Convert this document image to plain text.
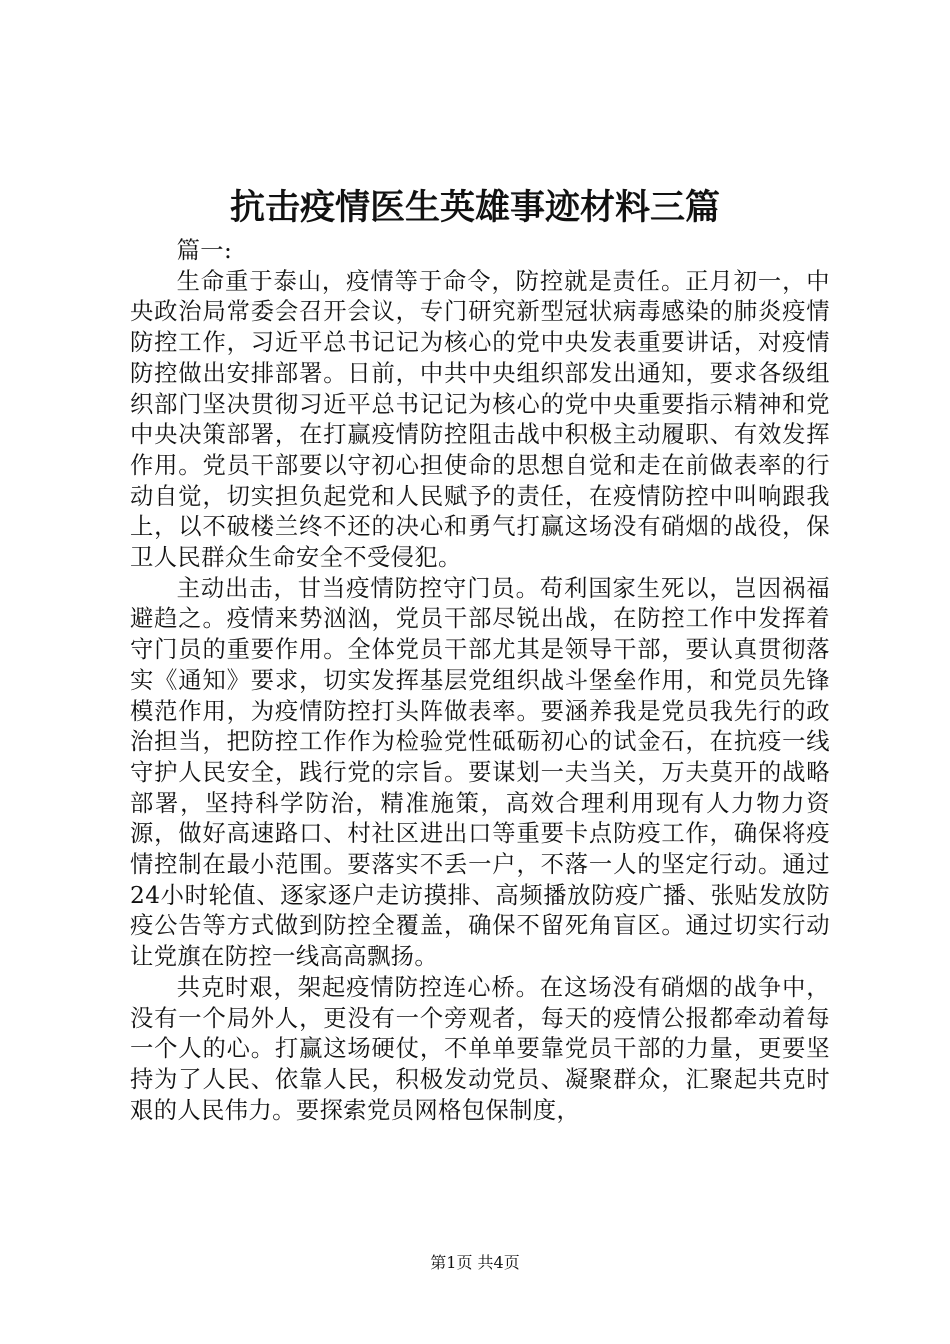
抗击疫情医生英雄事迹材料三篇

篇一:

生命重于泰山，疫情等于命令，防控就是责任。正月初一，中央政治局常委会召开会议，专门研究新型冠状病毒感染的肺炎疫情防控工作，习近平总书记记为核心的党中央发表重要讲话，对疫情防控做出安排部署。日前，中共中央组织部发出通知，要求各级组织部门坚决贯彻习近平总书记记为核心的党中央重要指示精神和党中央决策部署，在打赢疫情防控阻击战中积极主动履职、有效发挥作用。党员干部要以守初心担使命的思想自觉和走在前做表率的行动自觉，切实担负起党和人民赋予的责任，在疫情防控中叫响跟我上，以不破楼兰终不还的决心和勇气打赢这场没有硝烟的战役，保卫人民群众生命安全不受侵犯。

主动出击，甘当疫情防控守门员。苟利国家生死以，岂因祸福避趋之。疫情来势汹汹，党员干部尽锐出战，在防控工作中发挥着守门员的重要作用。全体党员干部尤其是领导干部，要认真贯彻落实《通知》要求，切实发挥基层党组织战斗堡垒作用，和党员先锋模范作用，为疫情防控打头阵做表率。要涵养我是党员我先行的政治担当，把防控工作作为检验党性砥砺初心的试金石，在抗疫一线守护人民安全，践行党的宗旨。要谋划一夫当关，万夫莫开的战略部署，坚持科学防治，精准施策，高效合理利用现有人力物力资源，做好高速路口、村社区进出口等重要卡点防疫工作，确保将疫情控制在最小范围。要落实不丢一户，不落一人的坚定行动。通过24小时轮值、逐家逐户走访摸排、高频播放防疫广播、张贴发放防疫公告等方式做到防控全覆盖，确保不留死角盲区。通过切实行动让党旗在防控一线高高飘扬。

共克时艰，架起疫情防控连心桥。在这场没有硝烟的战争中，没有一个局外人，更没有一个旁观者，每天的疫情公报都牵动着每一个人的心。打赢这场硬仗，不单单要靠党员干部的力量，更要坚持为了人民、依靠人民，积极发动党员、凝聚群众，汇聚起共克时艰的人民伟力。要探索党员网格包保制度，

第1页 共4页
